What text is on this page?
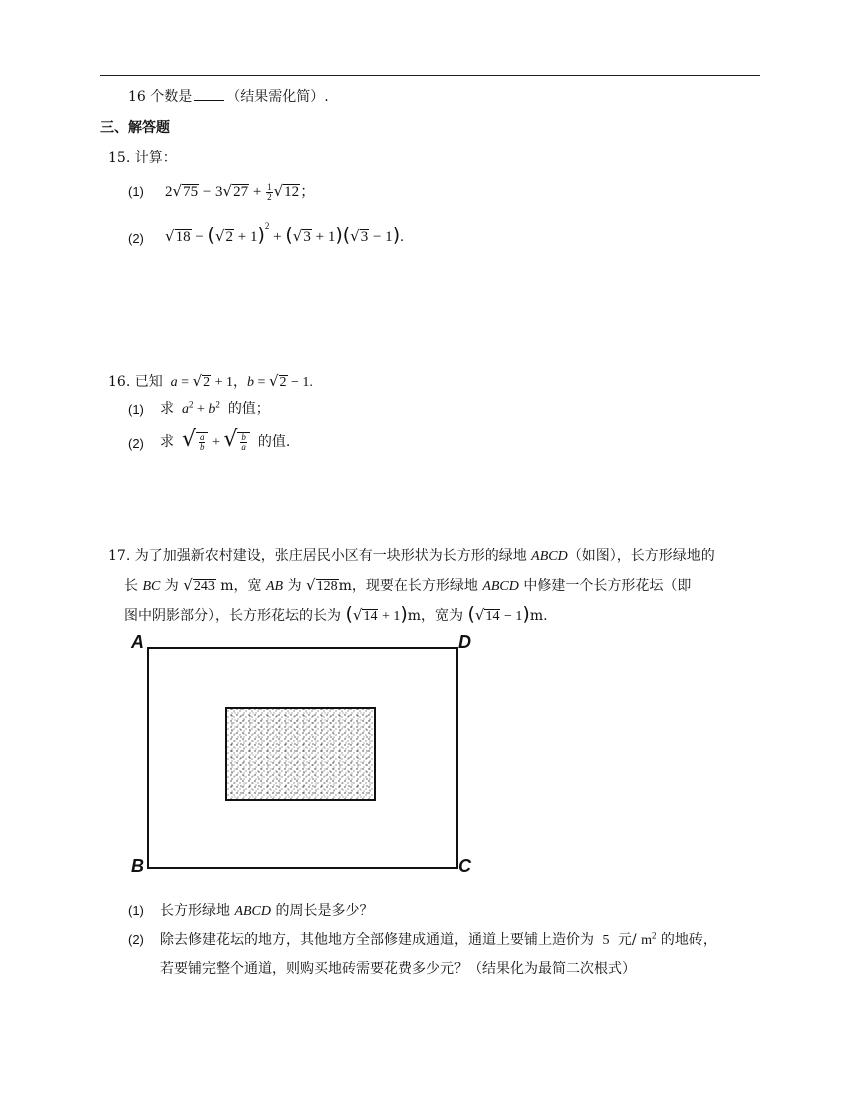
16 个数是 （结果需化简）.
三、解答题
15. 计算：
(1) $2√75 - 3√27 + \frac{1}{2} √12$；
(2) $√18 - (√2 + 1)^2 + (√3 + 1)(√3 - 1)$.
16. 已知  a = √2 + 1，b = √2 − 1.
(1) 求  $a^2 + b^2$ 的值；
(2) 求 √ $\frac{a}{b}$ + √ $\frac{b}{a}$ 的值.
17. 为了加强新农村建设，张庄居民小区有一块形状为长方形的绿地 ABCD（如图），长方形绿地的
长 BC 为 √243 m，宽 AB 为 √128m，现要在长方形绿地 ABCD 中修建一个长方形花坛（即
图中阴影部分），长方形花坛的长为 (√14 + 1)m，宽为 (√14 − 1)m.
A	D
B	C
(1) 长方形绿地 ABCD 的周长是多少？
(2) 除去修建花坛的地方，其他地方全部修建成通道，通道上要铺上造价为 5 元/ $m^2$ 的地砖，
若要铺完整个通道，则购买地砖需要花费多少元？（结果化为最简二次根式）
